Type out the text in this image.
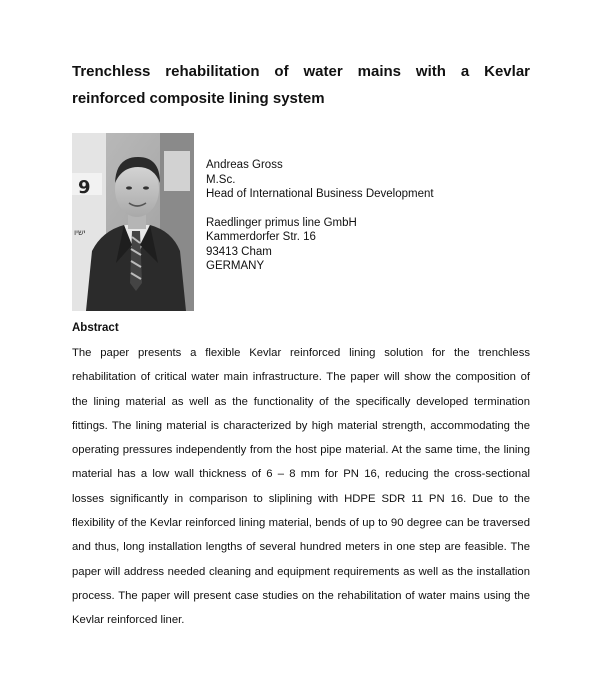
Trenchless rehabilitation of water mains with a Kevlar
reinforced composite lining system
9
ישיו
Andreas Gross
M.Sc.
Head of International Business Development
Raedlinger primus line GmbH
Kammerdorfer Str. 16
93413 Cham
GERMANY
Abstract

The paper presents a flexible Kevlar reinforced lining solution for the trenchless rehabilitation of critical water main infrastructure. The paper will show the composition of the lining material as well as the functionality of the specifically developed termination fittings. The lining material is characterized by high material strength, accommodating the operating pressures independently from the host pipe material. At the same time, the lining material has a low wall thickness of 6 – 8 mm for PN 16, reducing the cross-sectional losses significantly in comparison to sliplining with HDPE SDR 11 PN 16. Due to the flexibility of the Kevlar reinforced lining material, bends of up to 90 degree can be traversed and thus, long installation lengths of several hundred meters in one step are feasible. The paper will address needed cleaning and equipment requirements as well as the installation process. The paper will present case studies on the rehabilitation of water mains using the Kevlar reinforced liner.
